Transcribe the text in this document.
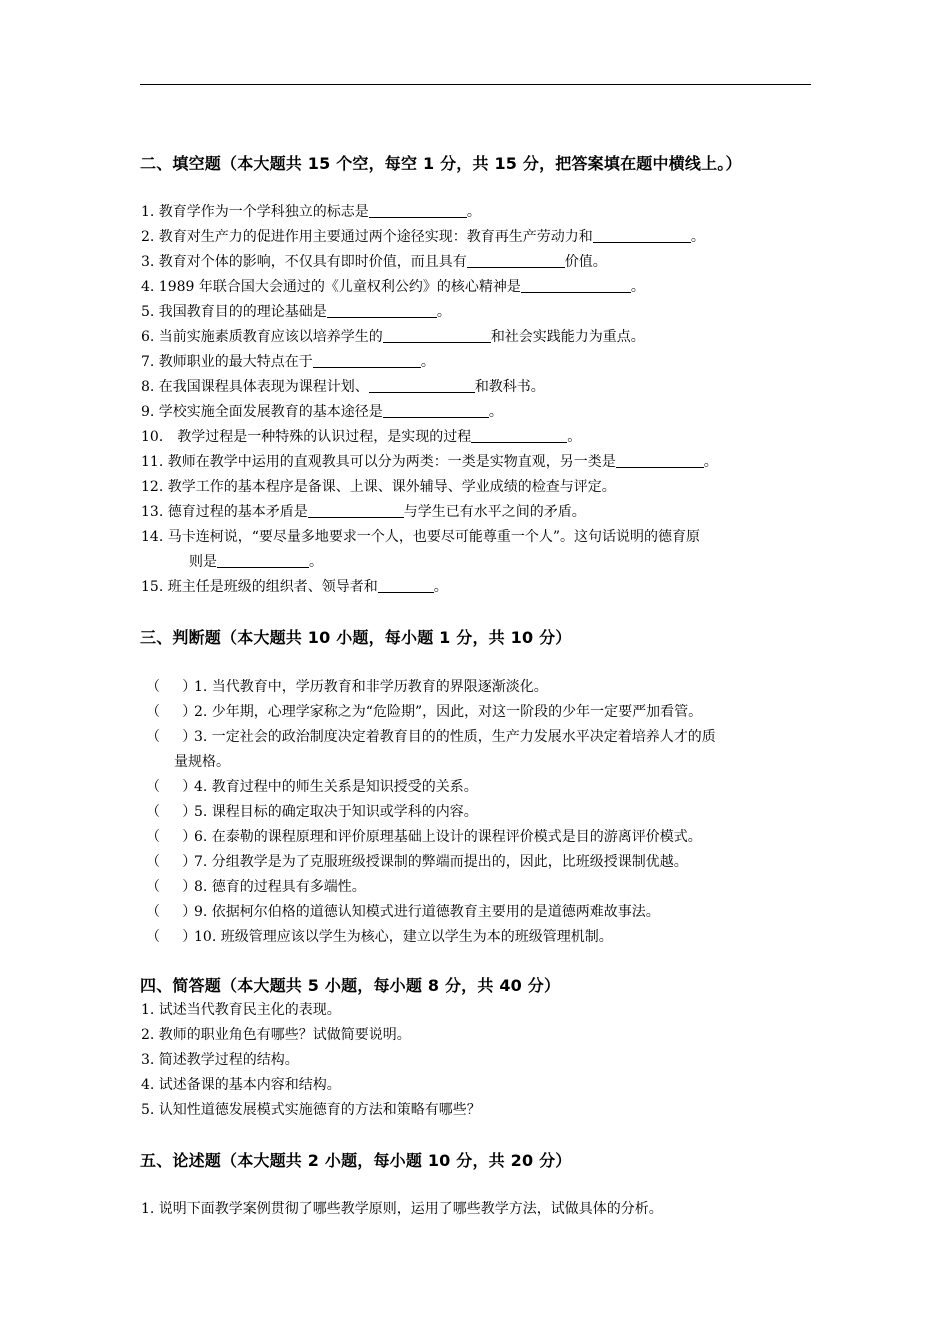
二、填空题（本大题共 15 个空，每空 1 分，共 15 分，把答案填在题中横线上。）
1. 教育学作为一个学科独立的标志是	。
2. 教育对生产力的促进作用主要通过两个途径实现：教育再生产劳动力和	。
3. 教育对个体的影响，不仅具有即时价值，而且具有	价值。
4. 1989 年联合国大会通过的《儿童权利公约》的核心精神是	。
5. 我国教育目的的理论基础是	。
6. 当前实施素质教育应该以培养学生的	和社会实践能力为重点。
7. 教师职业的最大特点在于	。
8. 在我国课程具体表现为课程计划、	和教科书。
9. 学校实施全面发展教育的基本途径是	。
10． 教学过程是一种特殊的认识过程，是实现的过程	。
11. 教师在教学中运用的直观教具可以分为两类：一类是实物直观，另一类是	。
12. 教学工作的基本程序是备课、上课、课外辅导、学业成绩的检查与评定。
13. 德育过程的基本矛盾是	与学生已有水平之间的矛盾。
14. 马卡连柯说，“要尽量多地要求一个人，也要尽可能尊重一个人”。这句话说明的德育原
则是	。
15. 班主任是班级的组织者、领导者和	。
三、判断题（本大题共 10 小题，每小题 1 分，共 10 分）
（ ）1. 当代教育中，学历教育和非学历教育的界限逐渐淡化。
（ ）2. 少年期，心理学家称之为“危险期”，因此，对这一阶段的少年一定要严加看管。
（ ）3. 一定社会的政治制度决定着教育目的的性质，生产力发展水平决定着培养人才的质
量规格。
（ ）4. 教育过程中的师生关系是知识授受的关系。
（ ）5. 课程目标的确定取决于知识或学科的内容。
（ ）6. 在泰勒的课程原理和评价原理基础上设计的课程评价模式是目的游离评价模式。
（ ）7. 分组教学是为了克服班级授课制的弊端而提出的，因此，比班级授课制优越。
（ ）8. 德育的过程具有多端性。
（ ）9. 依据柯尔伯格的道德认知模式进行道德教育主要用的是道德两难故事法。
（ ）10. 班级管理应该以学生为核心，建立以学生为本的班级管理机制。
四、简答题（本大题共 5 小题，每小题 8 分，共 40 分）
1. 试述当代教育民主化的表现。
2. 教师的职业角色有哪些？试做简要说明。
3. 简述教学过程的结构。
4. 试述备课的基本内容和结构。
5. 认知性道德发展模式实施德育的方法和策略有哪些？
五、论述题（本大题共 2 小题，每小题 10 分，共 20 分）
1. 说明下面教学案例贯彻了哪些教学原则，运用了哪些教学方法，试做具体的分析。
